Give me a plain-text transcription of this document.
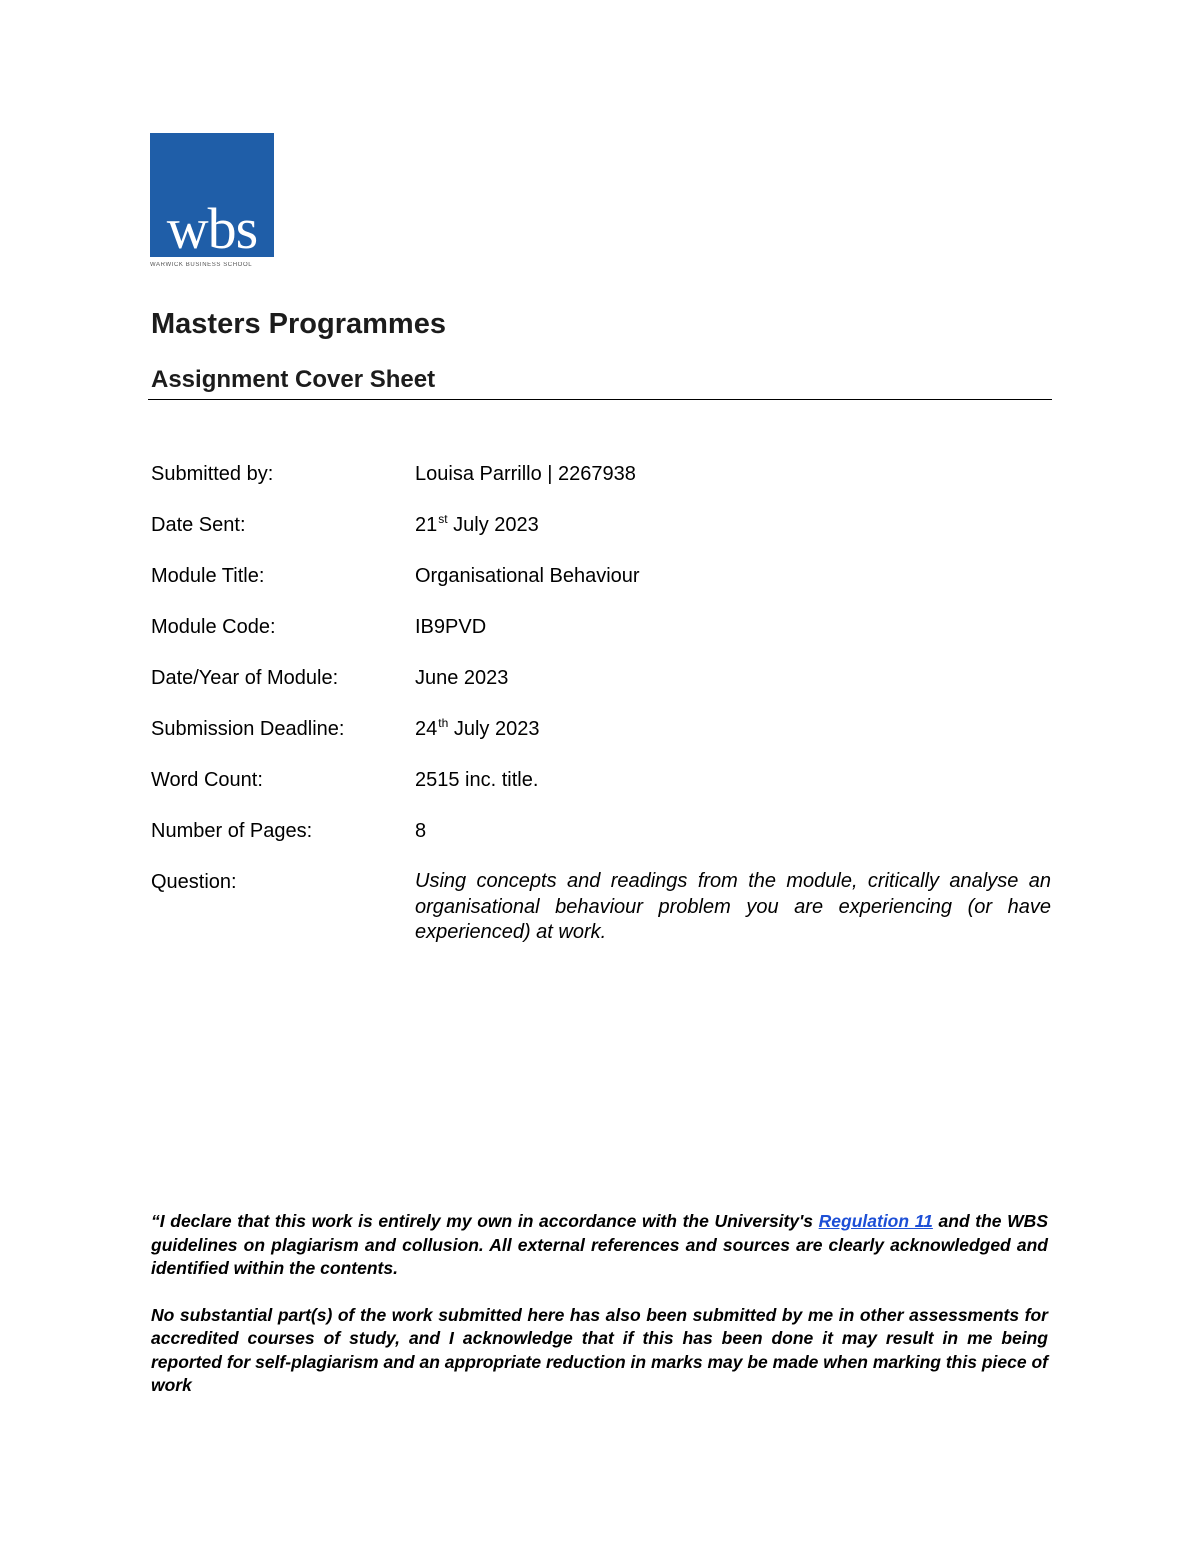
wbs
WARWICK BUSINESS SCHOOL
Masters Programmes
Assignment Cover Sheet
Submitted by:	Louisa Parrillo | 2267938
Date Sent:	21st July 2023
Module Title:	Organisational Behaviour
Module Code:	IB9PVD
Date/Year of Module:	June 2023
Submission Deadline:	24th July 2023
Word Count:	2515 inc. title.
Number of Pages:	8
Question:	Using concepts and readings from the module, critically analyse an organisational behaviour problem you are experiencing (or have experienced) at work.

“I declare that this work is entirely my own in accordance with the University's Regulation 11 and the WBS guidelines on plagiarism and collusion. All external references and sources are clearly acknowledged and identified within the contents.

No substantial part(s) of the work submitted here has also been submitted by me in other assessments for accredited courses of study, and I acknowledge that if this has been done it may result in me being reported for self-plagiarism and an appropriate reduction in marks may be made when marking this piece of work
